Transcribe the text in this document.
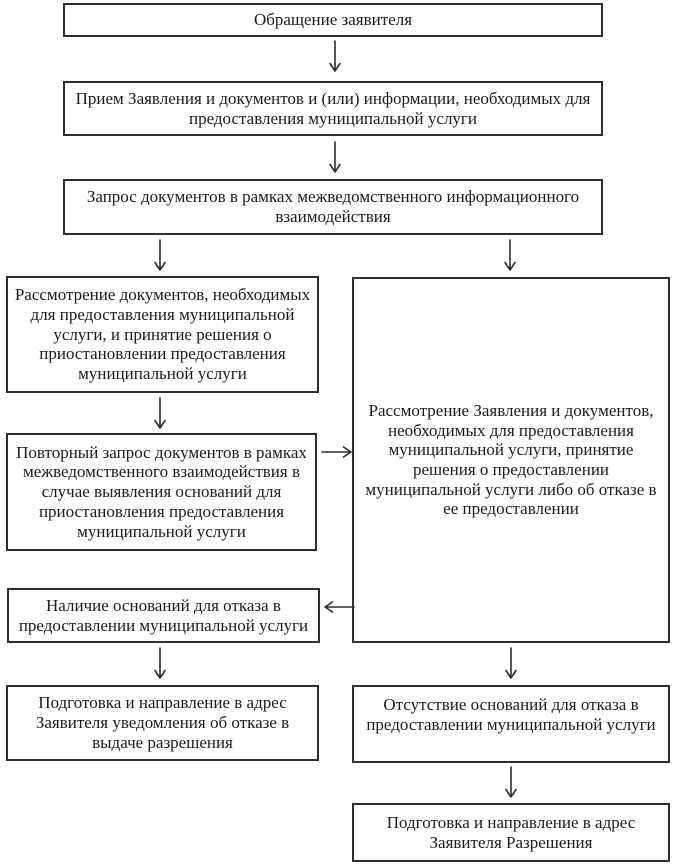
Обращение заявителя
Прием Заявления и документов и (или) информации, необходимых для предоставления муниципальной услуги
Запрос документов в рамках межведомственного информационного взаимодействия
Рассмотрение документов, необходимых для предоставления муниципальной услуги, и принятие решения о приостановлении предоставления муниципальной услуги
Повторный запрос документов в рамках межведомственного взаимодействия в случае выявления оснований для приостановления предоставления муниципальной услуги
Рассмотрение Заявления и документов, необходимых для предоставления муниципальной услуги, принятие решения о предоставлении муниципальной услуги либо об отказе в ее предоставлении
Наличие оснований для отказа в предоставлении муниципальной услуги
Подготовка и направление в адрес Заявителя уведомления об отказе в выдаче разрешения
Отсутствие оснований для отказа в предоставлении муниципальной услуги
Подготовка и направление в адрес Заявителя Разрешения
